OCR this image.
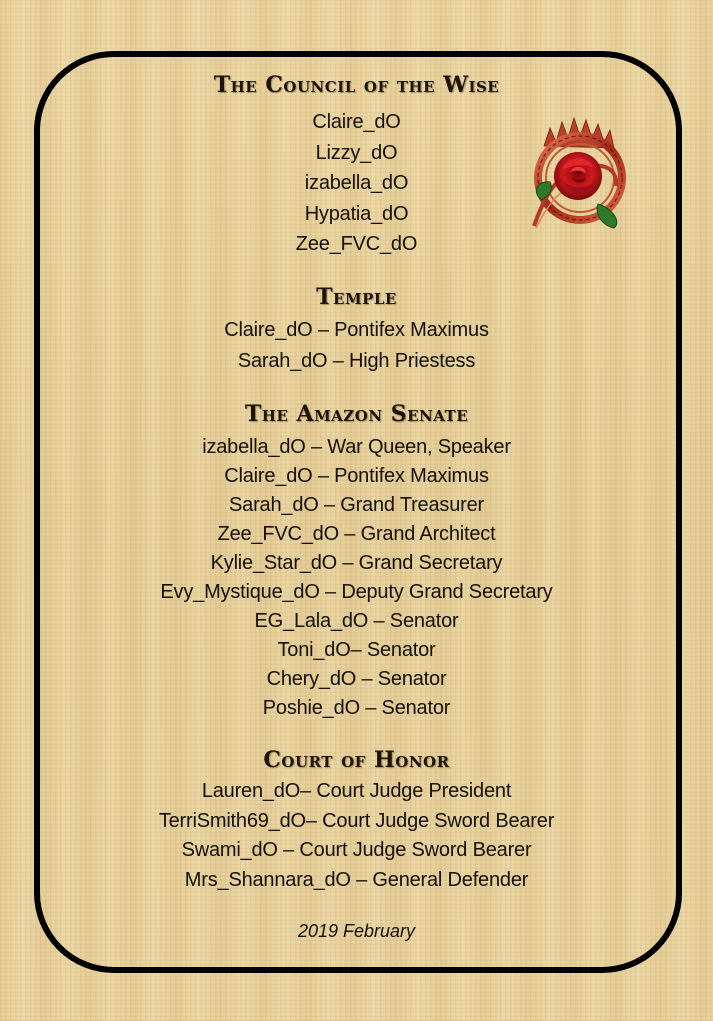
The Council of the Wise

Claire_dO

Lizzy_dO

izabella_dO

Hypatia_dO

Zee_FVC_dO

Temple

Claire_dO – Pontifex Maximus

Sarah_dO – High Priestess

The Amazon Senate

izabella_dO – War Queen, Speaker

Claire_dO – Pontifex Maximus

Sarah_dO – Grand Treasurer

Zee_FVC_dO – Grand Architect

Kylie_Star_dO – Grand Secretary

Evy_Mystique_dO – Deputy Grand Secretary

EG_Lala_dO – Senator

Toni_dO– Senator

Chery_dO – Senator

Poshie_dO – Senator

Court of Honor

Lauren_dO– Court Judge President

TerriSmith69_dO– Court Judge Sword Bearer

Swami_dO – Court Judge Sword Bearer

Mrs_Shannara_dO – General Defender

2019 February
